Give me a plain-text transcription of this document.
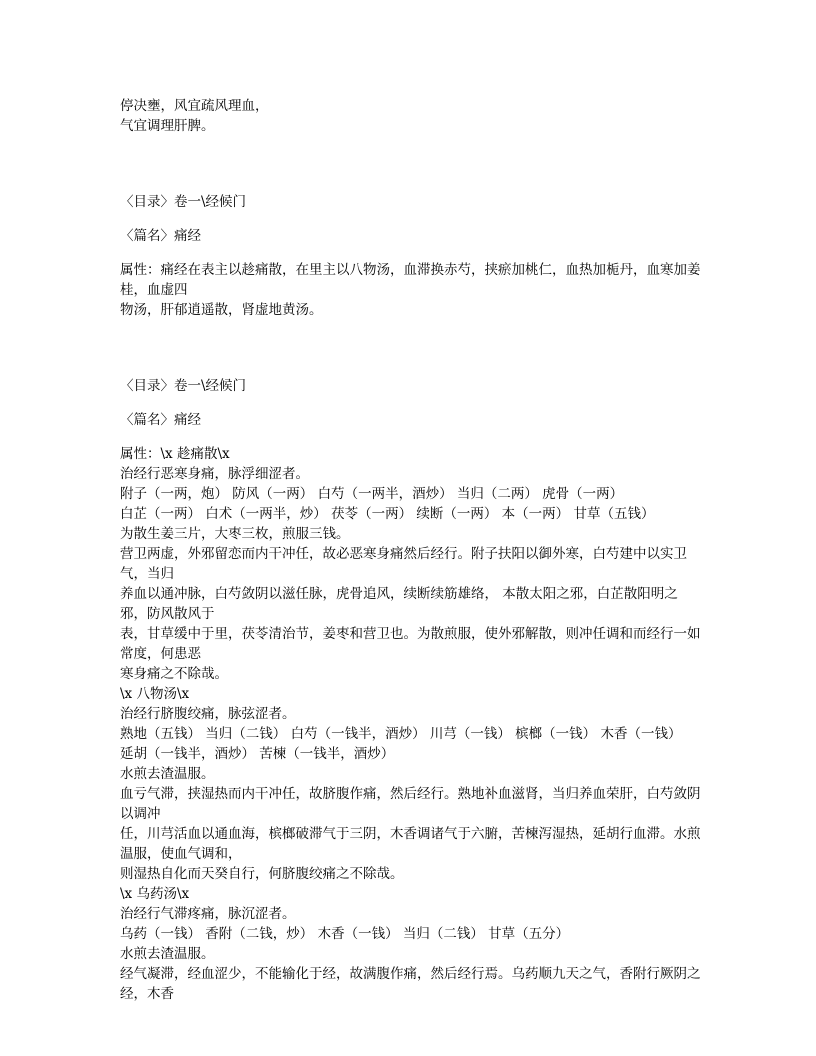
停决壅，风宜疏风理血，
气宜调理肝脾。
〈目录〉卷一\经候门
〈篇名〉痛经
属性：痛经在表主以趁痛散，在里主以八物汤，血滞换赤芍，挟瘀加桃仁，血热加栀丹，血寒加姜桂，血虚四
物汤，肝郁逍遥散，肾虚地黄汤。
〈目录〉卷一\经候门
〈篇名〉痛经
属性：\x 趁痛散\x
治经行恶寒身痛，脉浮细涩者。
附子（一两，炮） 防风（一两） 白芍（一两半，酒炒） 当归（二两） 虎骨（一两）
白芷（一两） 白术（一两半，炒） 茯苓（一两） 续断（一两） 本（一两） 甘草（五钱）
为散生姜三片，大枣三枚，煎服三钱。
营卫两虚，外邪留恋而内干冲任，故必恶寒身痛然后经行。附子扶阳以御外寒，白芍建中以实卫气，当归
养血以通冲脉，白芍敛阴以滋任脉，虎骨追风，续断续筋雄络， 本散太阳之邪，白芷散阳明之邪，防风散风于
表，甘草缓中于里，茯苓清治节，姜枣和营卫也。为散煎服，使外邪解散，则冲任调和而经行一如常度，何患恶
寒身痛之不除哉。
\x 八物汤\x
治经行脐腹绞痛，脉弦涩者。
熟地（五钱） 当归（二钱） 白芍（一钱半，酒炒） 川芎（一钱） 槟榔（一钱） 木香（一钱）
延胡（一钱半，酒炒） 苦楝（一钱半，酒炒）
水煎去渣温服。
血亏气滞，挟湿热而内干冲任，故脐腹作痛，然后经行。熟地补血滋肾，当归养血荣肝，白芍敛阴以调冲
任，川芎活血以通血海，槟榔破滞气于三阴，木香调诸气于六腑，苦楝泻湿热，延胡行血滞。水煎温服，使血气调和，
则湿热自化而天癸自行，何脐腹绞痛之不除哉。
\x 乌药汤\x
治经行气滞疼痛，脉沉涩者。
乌药（一钱） 香附（二钱，炒） 木香（一钱） 当归（二钱） 甘草（五分）
水煎去渣温服。
经气凝滞，经血涩少，不能输化于经，故满腹作痛，然后经行焉。乌药顺九天之气，香附行厥阴之经，木香
